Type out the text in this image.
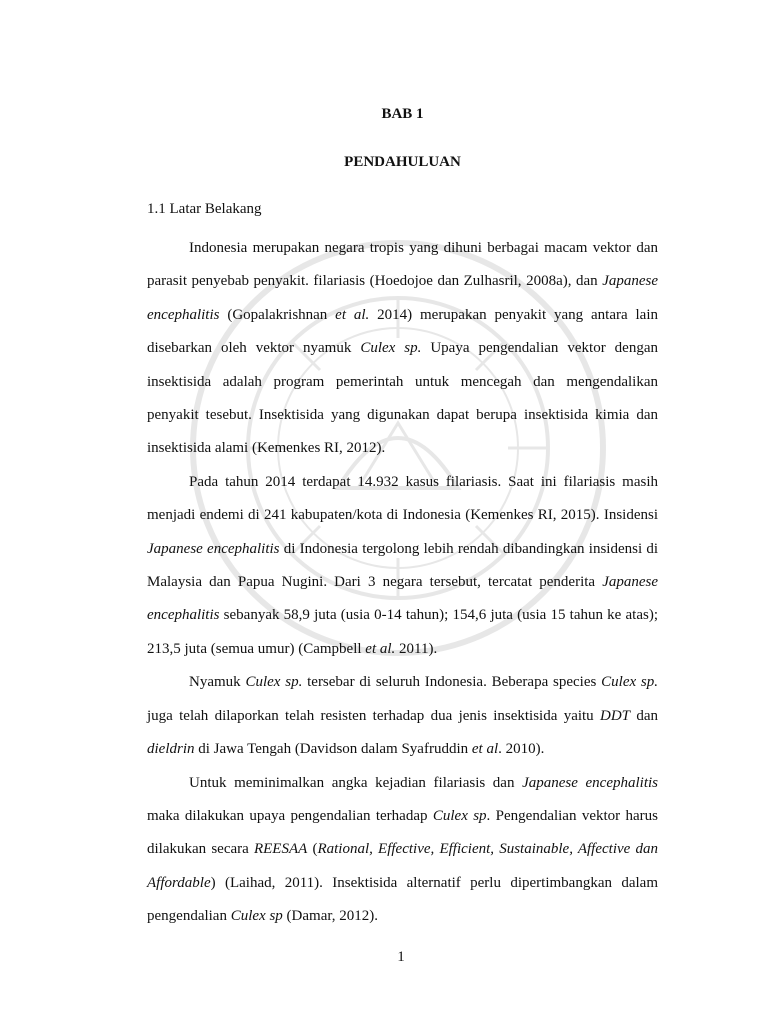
BAB 1

PENDAHULUAN

1.1 Latar Belakang

Indonesia merupakan negara tropis yang dihuni berbagai macam vektor dan parasit penyebab penyakit. filariasis (Hoedojoe dan Zulhasril, 2008a), dan Japanese encephalitis (Gopalakrishnan et al. 2014) merupakan penyakit yang antara lain disebarkan oleh vektor nyamuk Culex sp. Upaya pengendalian vektor dengan insektisida adalah program pemerintah untuk mencegah dan mengendalikan penyakit tesebut. Insektisida yang digunakan dapat berupa insektisida kimia dan insektisida alami (Kemenkes RI, 2012).

Pada tahun 2014 terdapat 14.932 kasus filariasis. Saat ini filariasis masih menjadi endemi di 241 kabupaten/kota di Indonesia (Kemenkes RI, 2015). Insidensi Japanese encephalitis di Indonesia tergolong lebih rendah dibandingkan insidensi di Malaysia dan Papua Nugini. Dari 3 negara tersebut, tercatat penderita Japanese encephalitis sebanyak 58,9 juta (usia 0-14 tahun); 154,6 juta (usia 15 tahun ke atas); 213,5 juta (semua umur) (Campbell et al. 2011).

Nyamuk Culex sp. tersebar di seluruh Indonesia. Beberapa species Culex sp. juga telah dilaporkan telah resisten terhadap dua jenis insektisida yaitu DDT dan dieldrin di Jawa Tengah (Davidson dalam Syafruddin et al. 2010).

Untuk meminimalkan angka kejadian filariasis dan Japanese encephalitis maka dilakukan upaya pengendalian terhadap Culex sp. Pengendalian vektor harus dilakukan secara REESAA (Rational, Effective, Efficient, Sustainable, Affective dan Affordable) (Laihad, 2011). Insektisida alternatif perlu dipertimbangkan dalam pengendalian Culex sp (Damar, 2012).

1
